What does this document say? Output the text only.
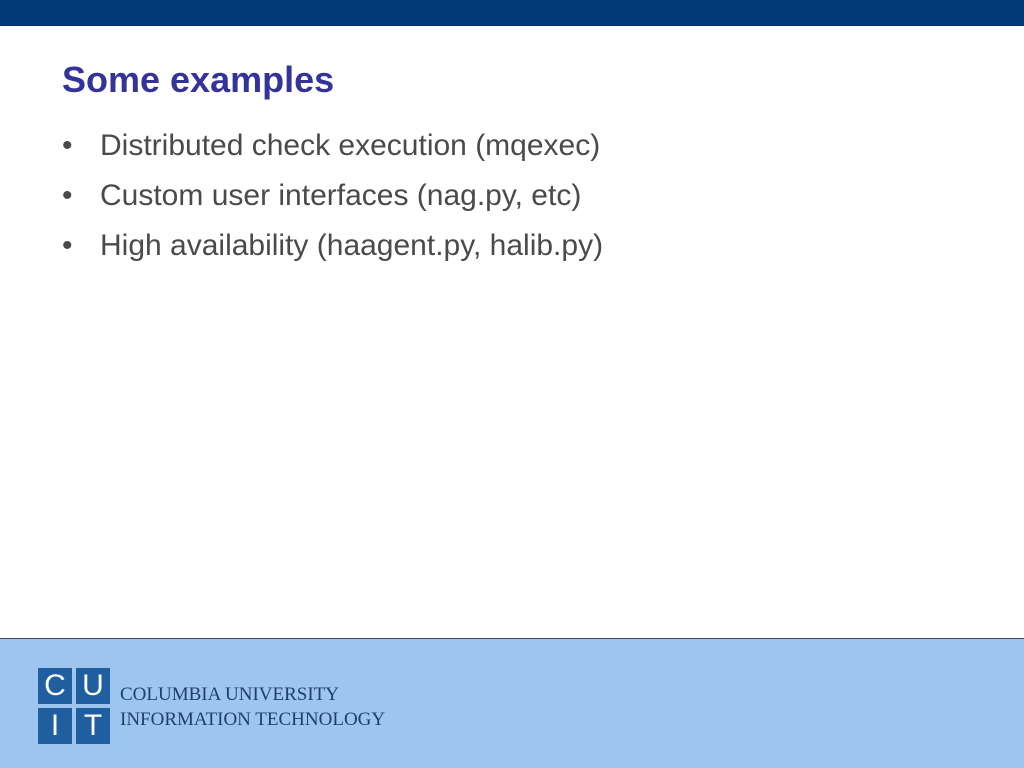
Some examples
• Distributed check execution (mqexec)
• Custom user interfaces (nag.py, etc)
• High availability (haagent.py, halib.py)
C U
I T
COLUMBIA UNIVERSITY
INFORMATION TECHNOLOGY
